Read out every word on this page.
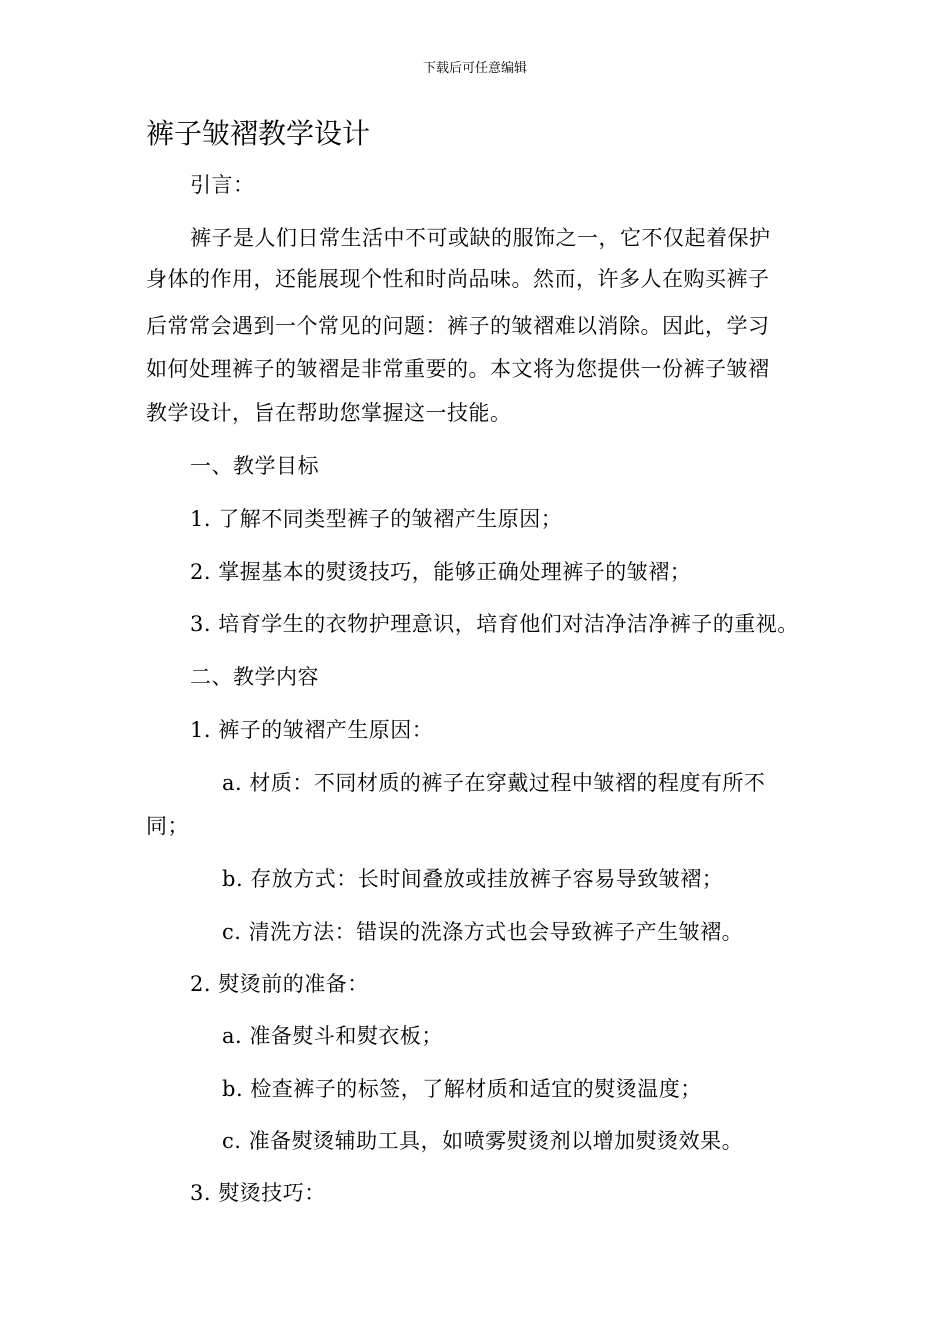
下载后可任意编辑
裤子皱褶教学设计
引言：
裤子是人们日常生活中不可或缺的服饰之一，它不仅起着保护
身体的作用，还能展现个性和时尚品味。然而，许多人在购买裤子
后常常会遇到一个常见的问题：裤子的皱褶难以消除。因此，学习
如何处理裤子的皱褶是非常重要的。本文将为您提供一份裤子皱褶
教学设计，旨在帮助您掌握这一技能。
一、教学目标
1. 了解不同类型裤子的皱褶产生原因；
2. 掌握基本的熨烫技巧，能够正确处理裤子的皱褶；
3. 培育学生的衣物护理意识，培育他们对洁净洁净裤子的重视。
二、教学内容
1. 裤子的皱褶产生原因：
a. 材质：不同材质的裤子在穿戴过程中皱褶的程度有所不
同；
b. 存放方式：长时间叠放或挂放裤子容易导致皱褶；
c. 清洗方法：错误的洗涤方式也会导致裤子产生皱褶。
2. 熨烫前的准备：
a. 准备熨斗和熨衣板；
b. 检查裤子的标签，了解材质和适宜的熨烫温度；
c. 准备熨烫辅助工具，如喷雾熨烫剂以增加熨烫效果。
3. 熨烫技巧：
